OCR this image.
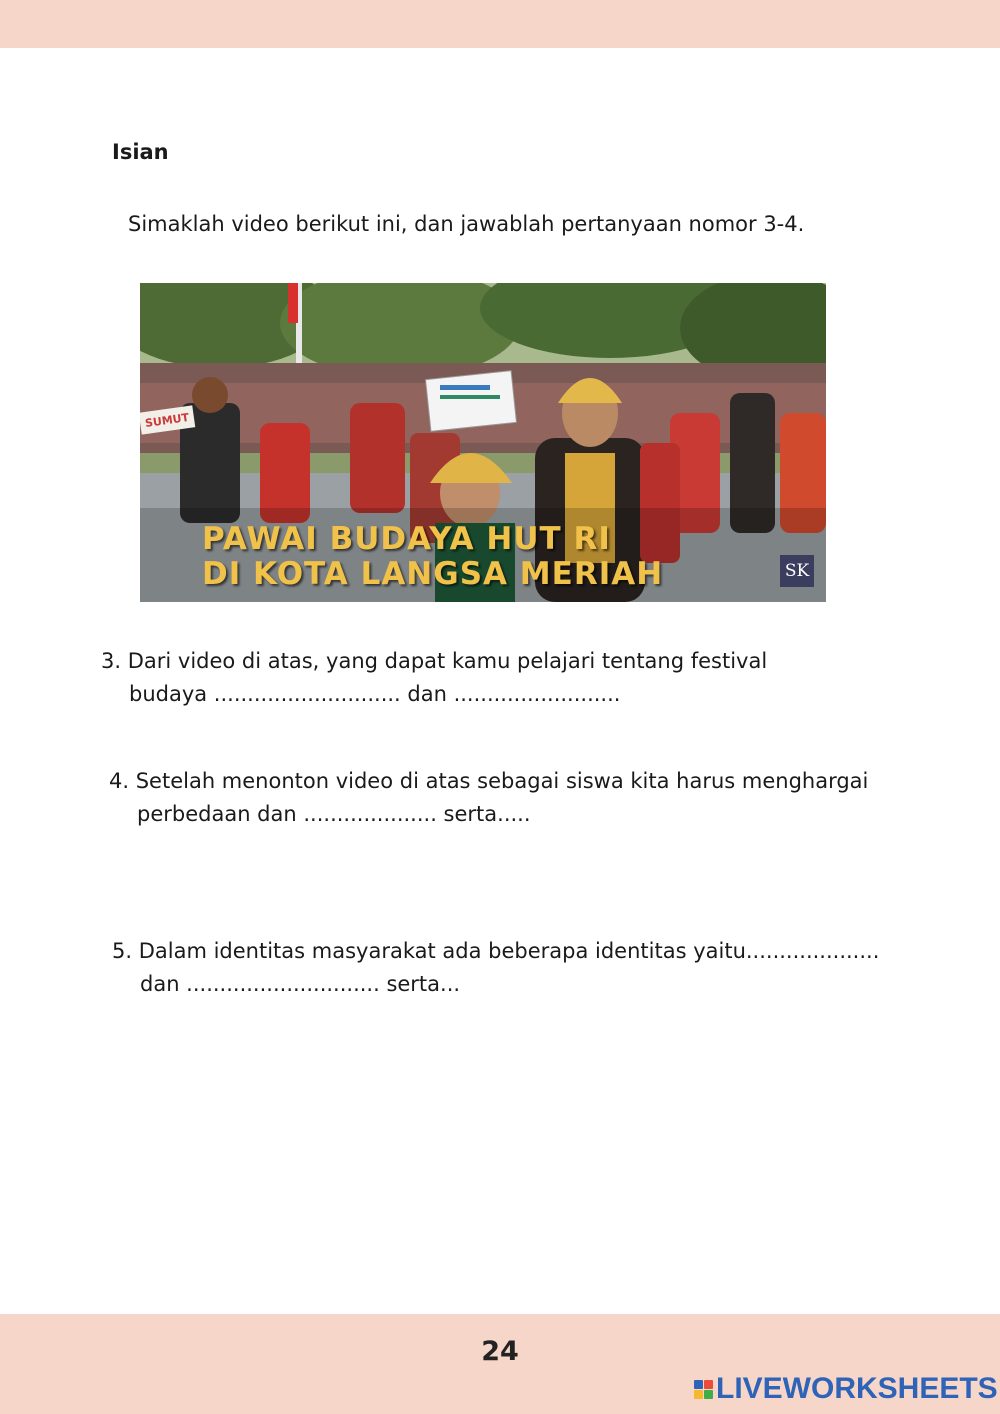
Isian
Simaklah video berikut ini, dan jawablah pertanyaan nomor 3-4.
SUMUT
PAWAI BUDAYA HUT RI
DI KOTA LANGSA MERIAH	SK
3. Dari video di atas, yang dapat kamu pelajari tentang festival
budaya ............................ dan .........................
4. Setelah menonton video di atas sebagai siswa kita harus menghargai
perbedaan dan .................... serta.....
5. Dalam identitas masyarakat ada beberapa identitas yaitu....................
dan ............................. serta...
24
LIVEWORKSHEETS
